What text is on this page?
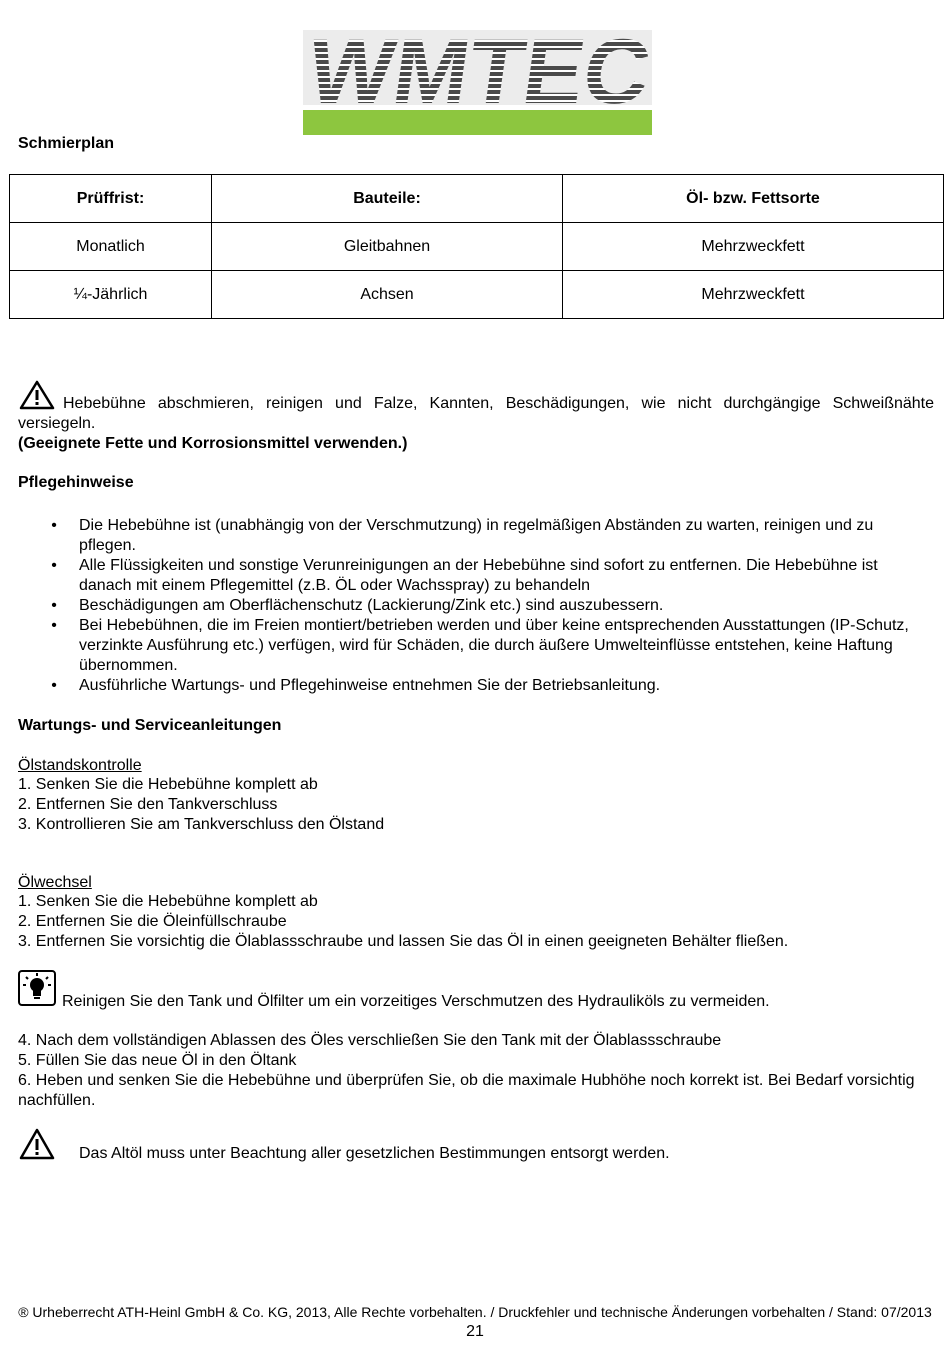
Schmierplan
Prüffrist:	Bauteile:	Öl- bzw. Fettsorte
Monatlich	Gleitbahnen	Mehrzweckfett
¼-Jährlich	Achsen	Mehrzweckfett
Hebebühne abschmieren, reinigen und Falze, Kannten, Beschädigungen, wie nicht durchgängige Schweißnähte versiegeln.
(Geeignete Fette und Korrosionsmittel verwenden.)
Pflegehinweise
• Die Hebebühne ist (unabhängig von der Verschmutzung) in regelmäßigen Abständen zu warten, reinigen und zu pflegen.
• Alle Flüssigkeiten und sonstige Verunreinigungen an der Hebebühne sind sofort zu entfernen. Die Hebebühne ist danach mit einem Pflegemittel (z.B. ÖL oder Wachsspray) zu behandeln
• Beschädigungen am Oberflächenschutz (Lackierung/Zink etc.) sind auszubessern.
• Bei Hebebühnen, die im Freien montiert/betrieben werden und über keine entsprechenden Ausstattungen (IP-Schutz, verzinkte Ausführung etc.) verfügen, wird für Schäden, die durch äußere Umwelteinflüsse entstehen, keine Haftung übernommen.
• Ausführliche Wartungs- und Pflegehinweise entnehmen Sie der Betriebsanleitung.
Wartungs- und Serviceanleitungen
Ölstandskontrolle
1. Senken Sie die Hebebühne komplett ab
2. Entfernen Sie den Tankverschluss
3. Kontrollieren Sie am Tankverschluss den Ölstand
Ölwechsel
1. Senken Sie die Hebebühne komplett ab
2. Entfernen Sie die Öleinfüllschraube
3. Entfernen Sie vorsichtig die Ölablassschraube und lassen Sie das Öl in einen geeigneten Behälter fließen.
Reinigen Sie den Tank und Ölfilter um ein vorzeitiges Verschmutzen des Hydrauliköls zu vermeiden.
4. Nach dem vollständigen Ablassen des Öles verschließen Sie den Tank mit der Ölablassschraube
5. Füllen Sie das neue Öl in den Öltank
6. Heben und senken Sie die Hebebühne und überprüfen Sie, ob die maximale Hubhöhe noch korrekt ist. Bei Bedarf vorsichtig nachfüllen.
Das Altöl muss unter Beachtung aller gesetzlichen Bestimmungen entsorgt werden.
® Urheberrecht ATH-Heinl GmbH & Co. KG, 2013, Alle Rechte vorbehalten. / Druckfehler und technische Änderungen vorbehalten / Stand: 07/2013
21
